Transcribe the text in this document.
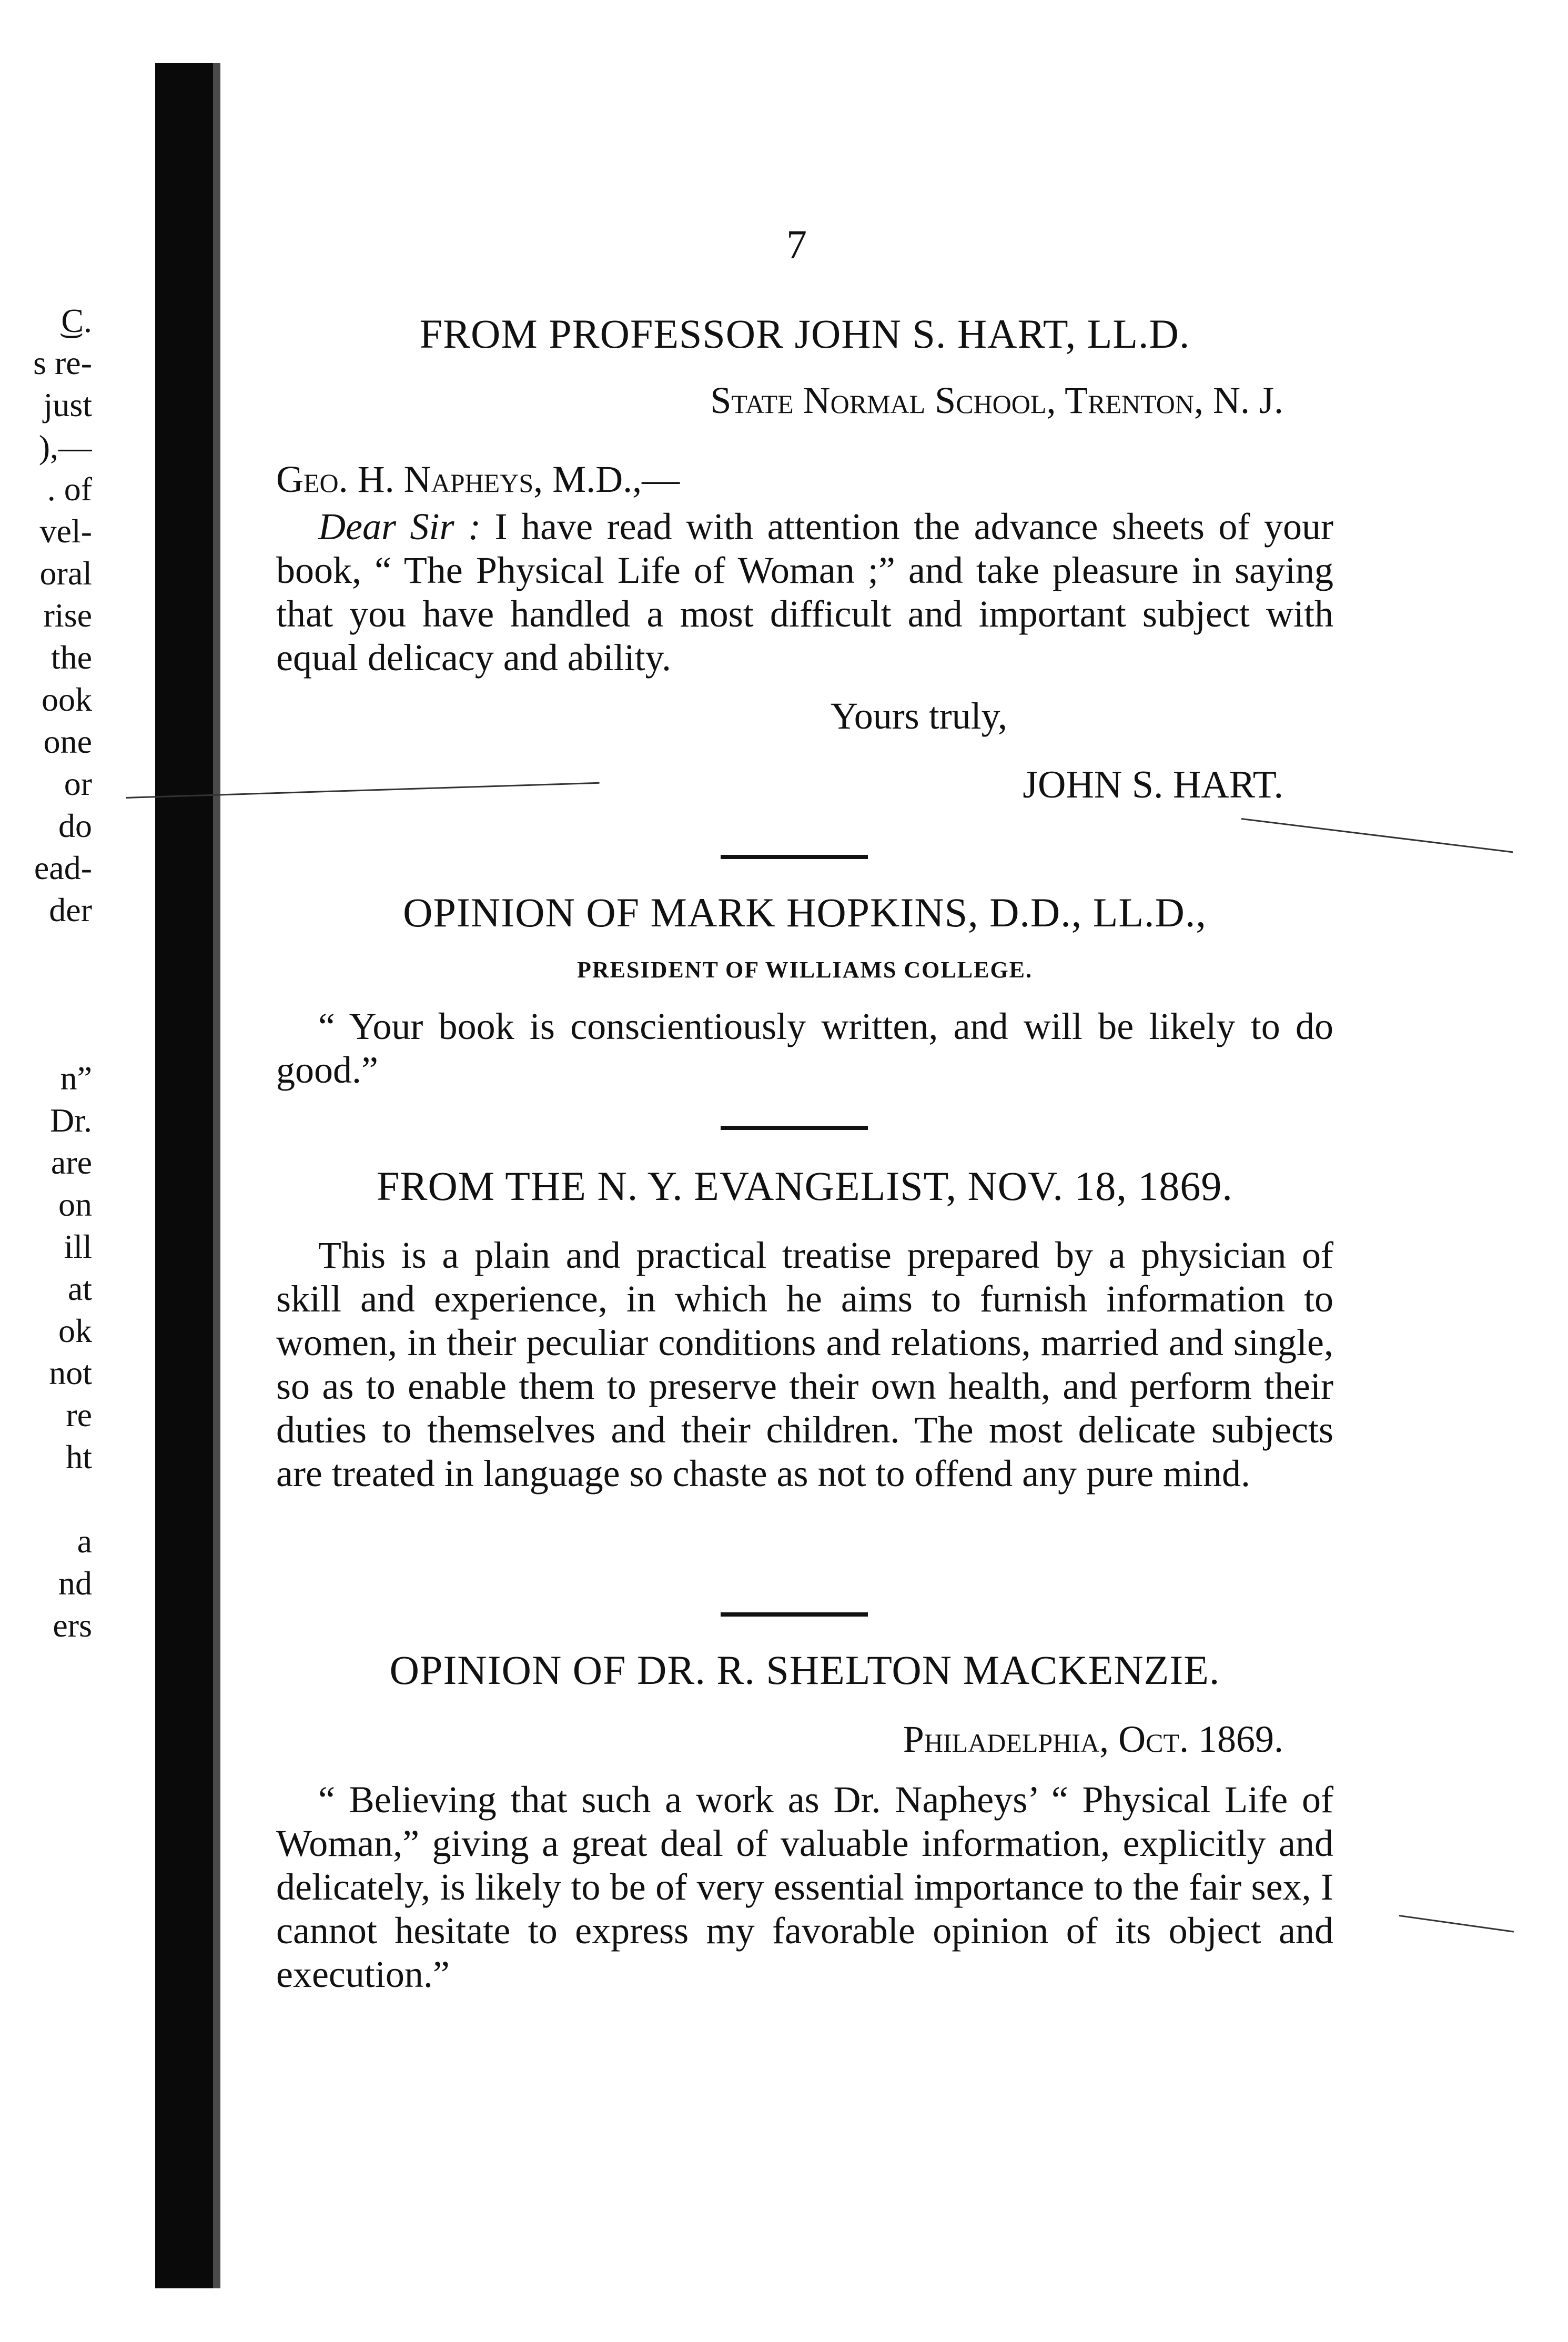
͜C.
s re-
just
),—
. of
vel-
oral
rise
the
ook
one
or
do
ead-
der
n”
Dr.
are
on
ill
at
ok
not
re
ht
a
nd
ers
7
FROM PROFESSOR JOHN S. HART, LL.D.
State Normal School, Trenton, N. J.
Geo. H. Napheys, M.D.,—

Dear Sir : I have read with attention the advance sheets of your book, “ The Physical Life of Woman ;” and take pleasure in saying that you have handled a most difficult and important subject with equal delicacy and ability.

Yours truly,
JOHN S. HART.
OPINION OF MARK HOPKINS, D.D., LL.D.,
PRESIDENT OF WILLIAMS COLLEGE.

“ Your book is conscientiously written, and will be likely to do good.”

FROM THE N. Y. EVANGELIST, NOV. 18, 1869.

This is a plain and practical treatise prepared by a physician of skill and experience, in which he aims to furnish information to women, in their peculiar conditions and relations, married and single, so as to enable them to preserve their own health, and perform their duties to themselves and their children. The most delicate subjects are treated in language so chaste as not to offend any pure mind.

OPINION OF DR. R. SHELTON MACKENZIE.
Philadelphia, Oct. 1869.

“ Believing that such a work as Dr. Napheys’ “ Physical Life of Woman,” giving a great deal of valuable information, explicitly and delicately, is likely to be of very essential importance to the fair sex, I cannot hesitate to express my favorable opinion of its object and execution.”
